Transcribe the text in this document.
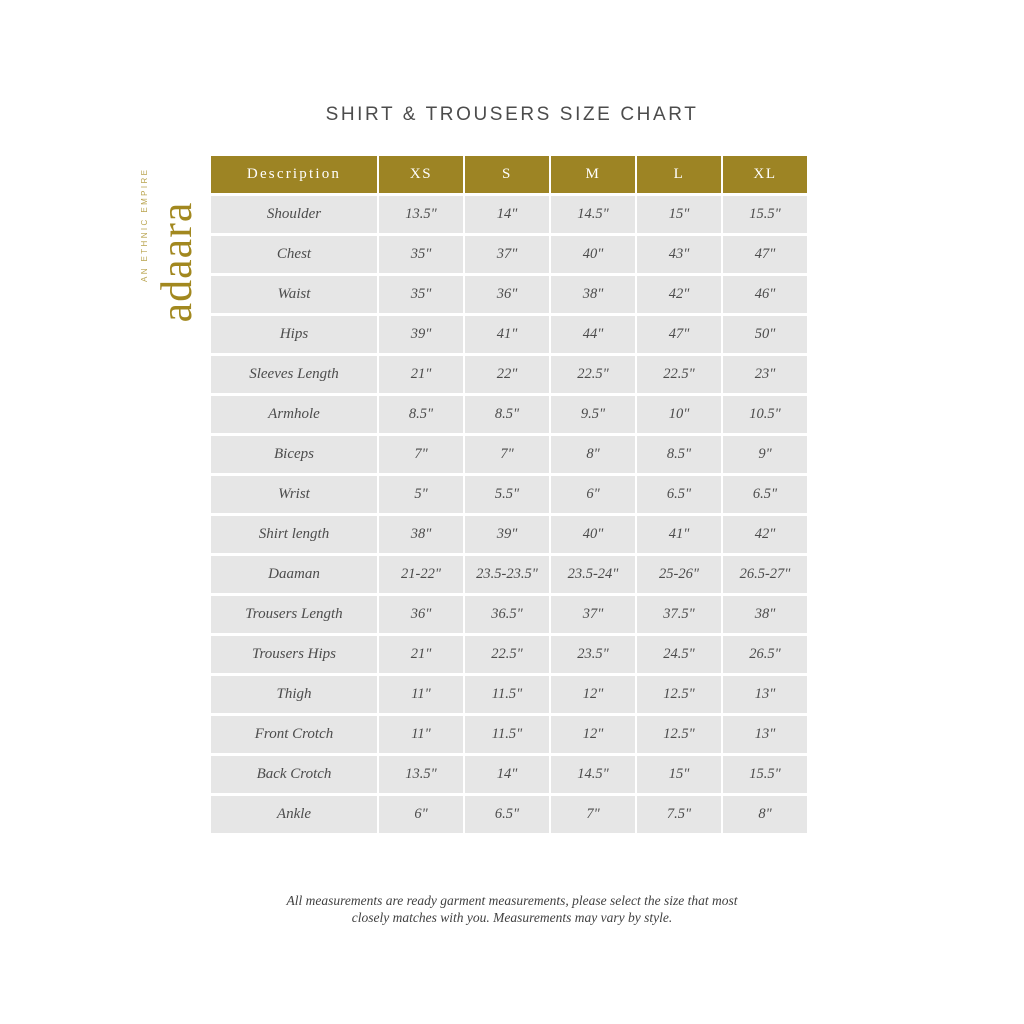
SHIRT & TROUSERS SIZE CHART
adaara
AN ETHNIC EMPIRE	Description	XS	S	M	L	XL
Shoulder	13.5"	14"	14.5"	15"	15.5"
Chest	35"	37"	40"	43"	47"
Waist	35"	36"	38"	42"	46"
Hips	39"	41"	44"	47"	50"
Sleeves Length	21"	22"	22.5"	22.5"	23"
Armhole	8.5"	8.5"	9.5"	10"	10.5"
Biceps	7"	7"	8"	8.5"	9"
Wrist	5"	5.5"	6"	6.5"	6.5"
Shirt length	38"	39"	40"	41"	42"
Daaman	21-22"	23.5-23.5"	23.5-24"	25-26"	26.5-27"
Trousers Length	36"	36.5"	37"	37.5"	38"
Trousers Hips	21"	22.5"	23.5"	24.5"	26.5"
Thigh	11"	11.5"	12"	12.5"	13"
Front Crotch	11"	11.5"	12"	12.5"	13"
Back Crotch	13.5"	14"	14.5"	15"	15.5"
Ankle	6"	6.5"	7"	7.5"	8"
All measurements are ready garment measurements, please select the size that most
closely matches with you. Measurements may vary by style.
